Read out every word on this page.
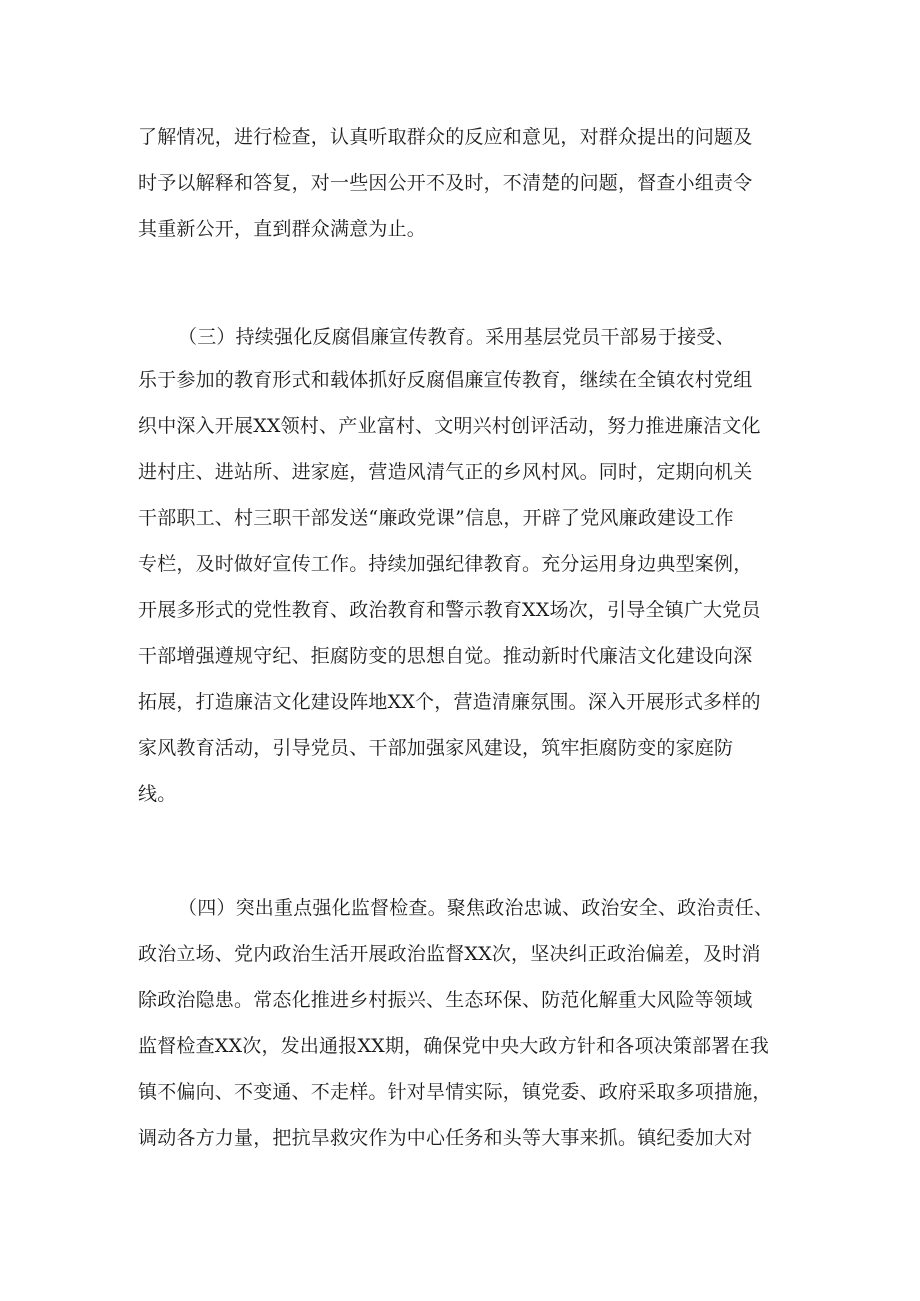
了解情况，进行检查，认真听取群众的反应和意见，对群众提出的问题及
时予以解释和答复，对一些因公开不及时，不清楚的问题，督查小组责令
其重新公开，直到群众满意为止。
（三）持续强化反腐倡廉宣传教育。采用基层党员干部易于接受、
乐于参加的教育形式和载体抓好反腐倡廉宣传教育，继续在全镇农村党组
织中深入开展XX领村、产业富村、文明兴村创评活动，努力推进廉洁文化
进村庄、进站所、进家庭，营造风清气正的乡风村风。同时，定期向机关
干部职工、村三职干部发送“廉政党课”信息，开辟了党风廉政建设工作
专栏，及时做好宣传工作。持续加强纪律教育。充分运用身边典型案例，
开展多形式的党性教育、政治教育和警示教育XX场次，引导全镇广大党员
干部增强遵规守纪、拒腐防变的思想自觉。推动新时代廉洁文化建设向深
拓展，打造廉洁文化建设阵地XX个，营造清廉氛围。深入开展形式多样的
家风教育活动，引导党员、干部加强家风建设，筑牢拒腐防变的家庭防
线。
（四）突出重点强化监督检查。聚焦政治忠诚、政治安全、政治责任、
政治立场、党内政治生活开展政治监督XX次，坚决纠正政治偏差，及时消
除政治隐患。常态化推进乡村振兴、生态环保、防范化解重大风险等领域
监督检查XX次，发出通报XX期，确保党中央大政方针和各项决策部署在我
镇不偏向、不变通、不走样。针对旱情实际，镇党委、政府采取多项措施，
调动各方力量，把抗旱救灾作为中心任务和头等大事来抓。镇纪委加大对
